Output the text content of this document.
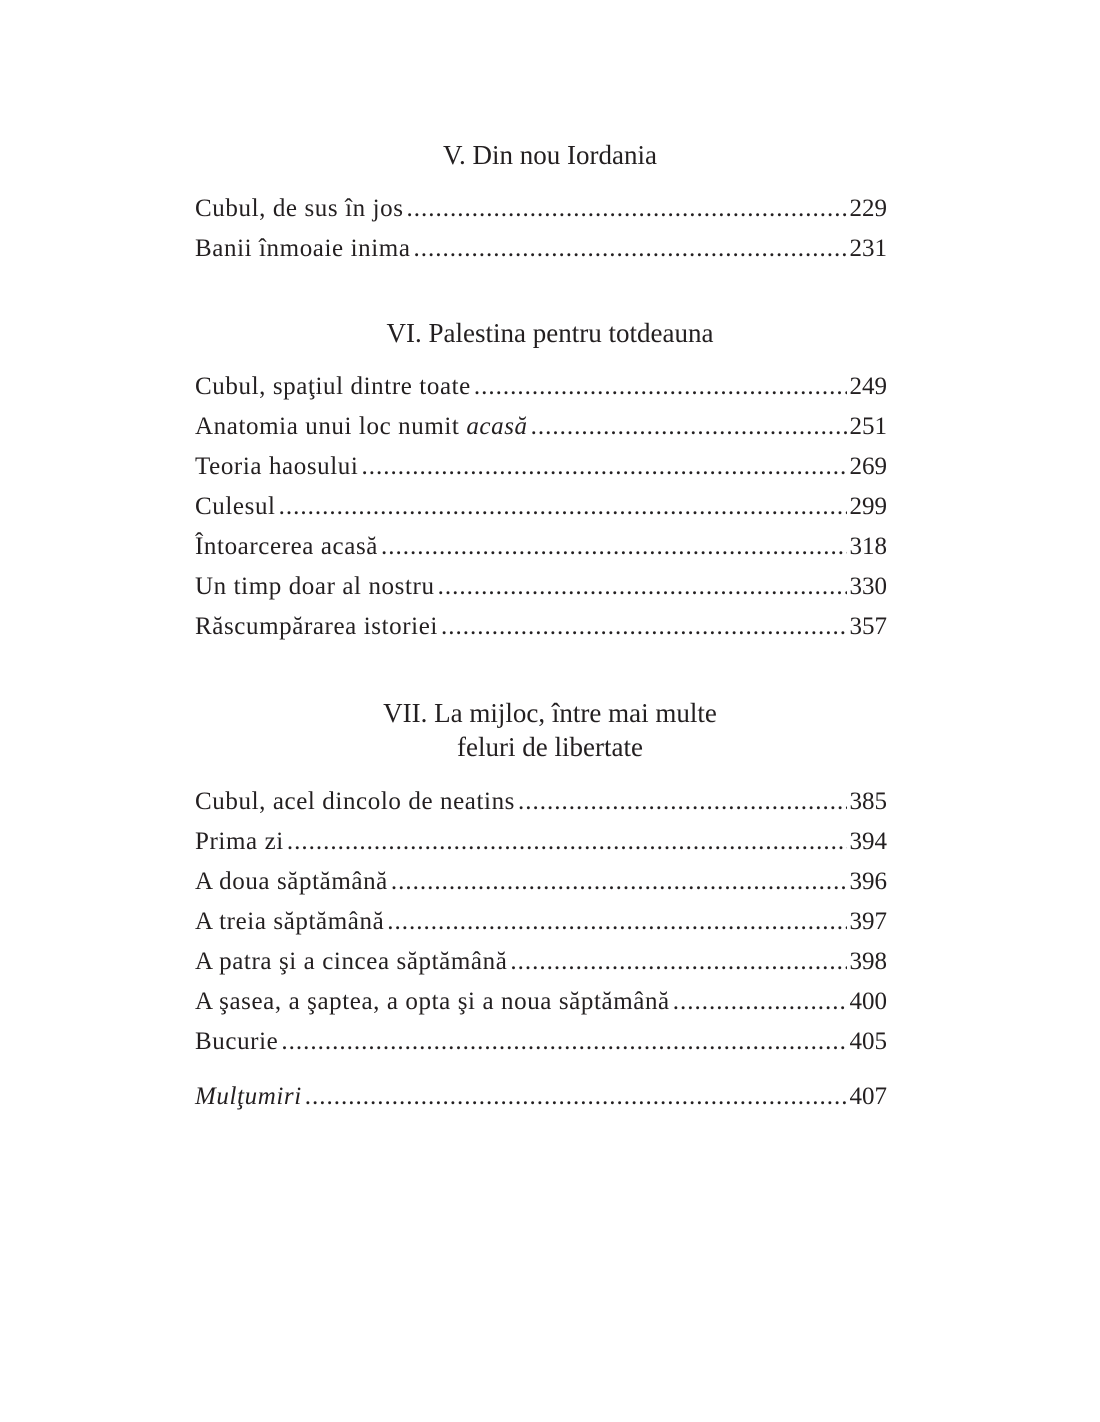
V. Din nou Iordania
Cubul, de sus în jos .....	229
Banii înmoaie inima .....	231
VI. Palestina pentru totdeauna
Cubul, spaţiul dintre toate .....	249
Anatomia unui loc numit acasă .....	251
Teoria haosului .....	269
Culesul .....	299
Întoarcerea acasă .....	318
Un timp doar al nostru .....	330
Răscumpărarea istoriei .....	357
VII. La mijloc, între mai multe
feluri de libertate
Cubul, acel dincolo de neatins .....	385
Prima zi .....	394
A doua săptămână .....	396
A treia săptămână .....	397
A patra şi a cincea săptămână .....	398
A şasea, a şaptea, a opta şi a noua săptămână .....	400
Bucurie .....	405
Mulţumiri .....	407
